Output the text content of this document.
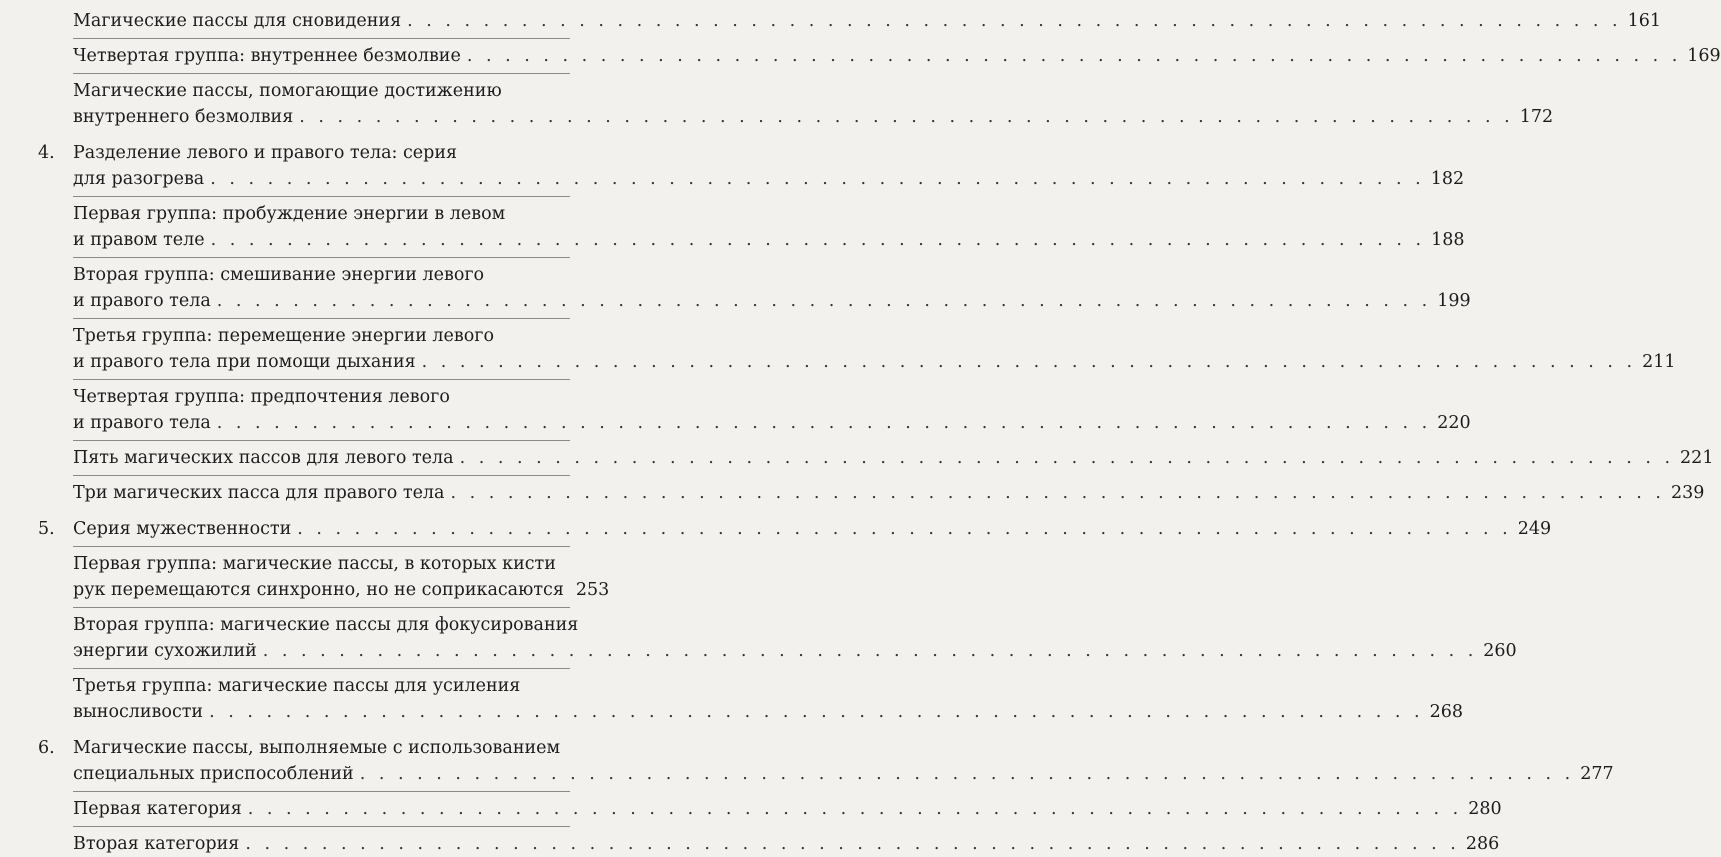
Магические пассы для сновидения . . . . . . . . . . . . . . . . . . . . . . . . . . . . . . . . . . . . . . . . . . . . . . . . . . . . . . . . . . . . . . . . 161
Четвертая группа: внутреннее безмолвие . . . . . . . . . . . . . . . . . . . . . . . . . . . . . . . . . . . . . . . . . . . . . . . . . . . . . . . . . . . . . . . . 169
Магические пассы, помогающие достижению
внутреннего безмолвия . . . . . . . . . . . . . . . . . . . . . . . . . . . . . . . . . . . . . . . . . . . . . . . . . . . . . . . . . . . . . . . . 172
4. Разделение левого и правого тела: серия
для разогрева . . . . . . . . . . . . . . . . . . . . . . . . . . . . . . . . . . . . . . . . . . . . . . . . . . . . . . . . . . . . . . . . 182
Первая группа: пробуждение энергии в левом
и правом теле . . . . . . . . . . . . . . . . . . . . . . . . . . . . . . . . . . . . . . . . . . . . . . . . . . . . . . . . . . . . . . . . 188
Вторая группа: смешивание энергии левого
и правого тела . . . . . . . . . . . . . . . . . . . . . . . . . . . . . . . . . . . . . . . . . . . . . . . . . . . . . . . . . . . . . . . . 199
Третья группа: перемещение энергии левого
и правого тела при помощи дыхания . . . . . . . . . . . . . . . . . . . . . . . . . . . . . . . . . . . . . . . . . . . . . . . . . . . . . . . . . . . . . . . . 211
Четвертая группа: предпочтения левого
и правого тела . . . . . . . . . . . . . . . . . . . . . . . . . . . . . . . . . . . . . . . . . . . . . . . . . . . . . . . . . . . . . . . . 220
Пять магических пассов для левого тела . . . . . . . . . . . . . . . . . . . . . . . . . . . . . . . . . . . . . . . . . . . . . . . . . . . . . . . . . . . . . . . . 221
Три магических пасса для правого тела . . . . . . . . . . . . . . . . . . . . . . . . . . . . . . . . . . . . . . . . . . . . . . . . . . . . . . . . . . . . . . . . 239
5. Серия мужественности . . . . . . . . . . . . . . . . . . . . . . . . . . . . . . . . . . . . . . . . . . . . . . . . . . . . . . . . . . . . . . . . 249
Первая группа: магические пассы, в которых кисти
рук перемещаются синхронно, но не соприкасаются 253
Вторая группа: магические пассы для фокусирования
энергии сухожилий . . . . . . . . . . . . . . . . . . . . . . . . . . . . . . . . . . . . . . . . . . . . . . . . . . . . . . . . . . . . . . . . 260
Третья группа: магические пассы для усиления
выносливости . . . . . . . . . . . . . . . . . . . . . . . . . . . . . . . . . . . . . . . . . . . . . . . . . . . . . . . . . . . . . . . . 268
6. Магические пассы, выполняемые с использованием
специальных приспособлений . . . . . . . . . . . . . . . . . . . . . . . . . . . . . . . . . . . . . . . . . . . . . . . . . . . . . . . . . . . . . . . . 277
Первая категория . . . . . . . . . . . . . . . . . . . . . . . . . . . . . . . . . . . . . . . . . . . . . . . . . . . . . . . . . . . . . . . . 280
Вторая категория . . . . . . . . . . . . . . . . . . . . . . . . . . . . . . . . . . . . . . . . . . . . . . . . . . . . . . . . . . . . . . . . 286
